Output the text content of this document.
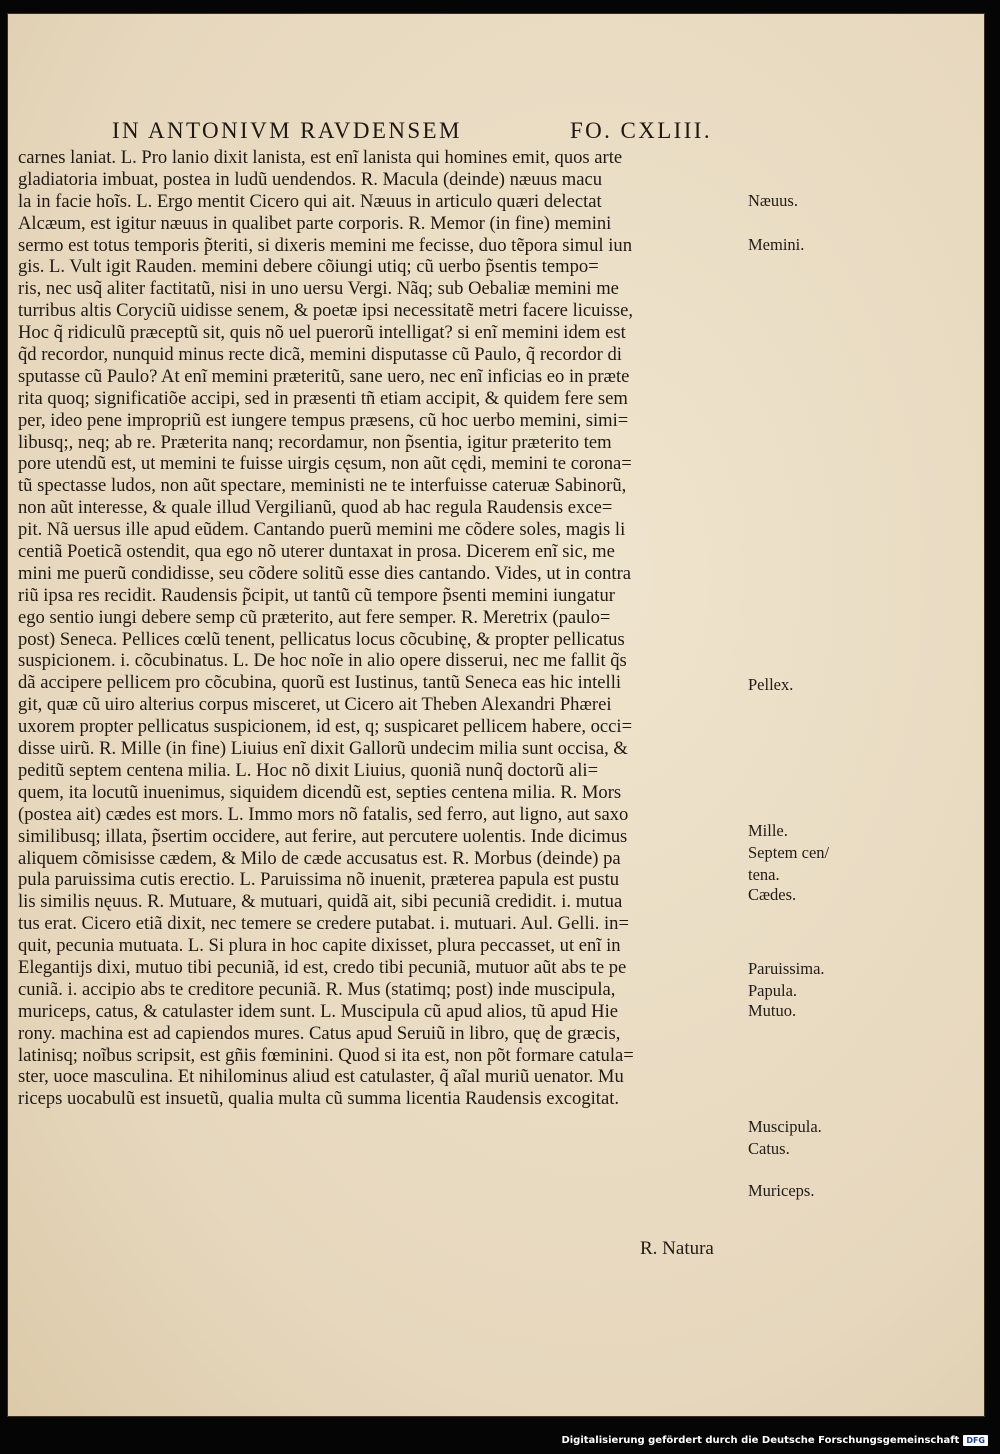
IN ANTONIVM RAVDENSEM	FO. CXLIII.
carnes laniat. L. Pro lanio dixit lanista, est enĩ lanista qui homines emit, quos arte
gladiatoria imbuat, postea in ludũ uendendos. R. Macula (deinde) næuus macu
la in facie hoĩs. L. Ergo mentit Cicero qui ait. Næuus in articulo quæri delectat
Alcæum, est igitur næuus in qualibet parte corporis. R. Memor (in fine) memini
sermo est totus temporis p̃teriti, si dixeris memini me fecisse, duo tẽpora simul iun
gis. L. Vult igit Rauden. memini debere cõiungi utiq; cũ uerbo p̃sentis tempo=
ris, nec usq̃ aliter factitatũ, nisi in uno uersu Vergi. Nãq; sub Oebaliæ memini me
turribus altis Coryciũ uidisse senem, & poetæ ipsi necessitatẽ metri facere licuisse,
Hoc q̃ ridiculũ præceptũ sit, quis nõ uel puerorũ intelligat? si enĩ memini idem est
q̃d recordor, nunquid minus recte dicã, memini disputasse cũ Paulo, q̃ recordor di
sputasse cũ Paulo? At enĩ memini præteritũ, sane uero, nec enĩ inficias eo in præte
rita quoq; significatiõe accipi, sed in præsenti tñ etiam accipit, & quidem fere sem
per, ideo pene impropriũ est iungere tempus præsens, cũ hoc uerbo memini, simi=
libusq;, neq; ab re. Præterita nanq; recordamur, non p̃sentia, igitur præterito tem
pore utendũ est, ut memini te fuisse uirgis cęsum, non aũt cędi, memini te corona=
tũ spectasse ludos, non aũt spectare, meministi ne te interfuisse cateruæ Sabinorũ,
non aũt interesse, & quale illud Vergilianũ, quod ab hac regula Raudensis exce=
pit. Nã uersus ille apud eũdem. Cantando puerũ memini me cõdere soles, magis li
centiã Poeticã ostendit, qua ego nõ uterer duntaxat in prosa. Dicerem enĩ sic, me
mini me puerũ condidisse, seu cõdere solitũ esse dies cantando. Vides, ut in contra
riũ ipsa res recidit. Raudensis p̃cipit, ut tantũ cũ tempore p̃senti memini iungatur
ego sentio iungi debere semp cũ præterito, aut fere semper. R. Meretrix (paulo=
post) Seneca. Pellices cœlũ tenent, pellicatus locus cõcubinę, & propter pellicatus
suspicionem. i. cõcubinatus. L. De hoc noĩe in alio opere disserui, nec me fallit q̃s
dã accipere pellicem pro cõcubina, quorũ est Iustinus, tantũ Seneca eas hic intelli
git, quæ cũ uiro alterius corpus misceret, ut Cicero ait Theben Alexandri Phærei
uxorem propter pellicatus suspicionem, id est, q; suspicaret pellicem habere, occi=
disse uirũ. R. Mille (in fine) Liuius enĩ dixit Gallorũ undecim milia sunt occisa, &
peditũ septem centena milia. L. Hoc nõ dixit Liuius, quoniã nunq̃ doctorũ ali=
quem, ita locutũ inuenimus, siquidem dicendũ est, septies centena milia. R. Mors
(postea ait) cædes est mors. L. Immo mors nõ fatalis, sed ferro, aut ligno, aut saxo
similibusq; illata, p̃sertim occidere, aut ferire, aut percutere uolentis. Inde dicimus
aliquem cõmisisse cædem, & Milo de cæde accusatus est. R. Morbus (deinde) pa
pula paruissima cutis erectio. L. Paruissima nõ inuenit, præterea papula est pustu
lis similis nęuus. R. Mutuare, & mutuari, quidã ait, sibi pecuniã credidit. i. mutua
tus erat. Cicero etiã dixit, nec temere se credere putabat. i. mutuari. Aul. Gelli. in=
quit, pecunia mutuata. L. Si plura in hoc capite dixisset, plura peccasset, ut enĩ in
Elegantijs dixi, mutuo tibi pecuniã, id est, credo tibi pecuniã, mutuor aũt abs te pe
cuniã. i. accipio abs te creditore pecuniã. R. Mus (statimq; post) inde muscipula,
muriceps, catus, & catulaster idem sunt. L. Muscipula cũ apud alios, tũ apud Hie
rony. machina est ad capiendos mures. Catus apud Seruiũ in libro, quę de græcis,
latinisq; noĩbus scripsit, est gñis fœminini. Quod si ita est, non põt formare catula=
ster, uoce masculina. Et nihilominus aliud est catulaster, q̃ aĩal muriũ uenator. Mu
riceps uocabulũ est insuetũ, qualia multa cũ summa licentia Raudensis excogitat.
R. Natura
Næuus.
Memini.
Pellex.
Mille.
Septem cen/
tena.
Cædes.
Paruissima.
Papula.
Mutuo.
Muscipula.
Catus.
Muriceps.
Digitalisierung gefördert durch die Deutsche Forschungsgemeinschaft DFG
